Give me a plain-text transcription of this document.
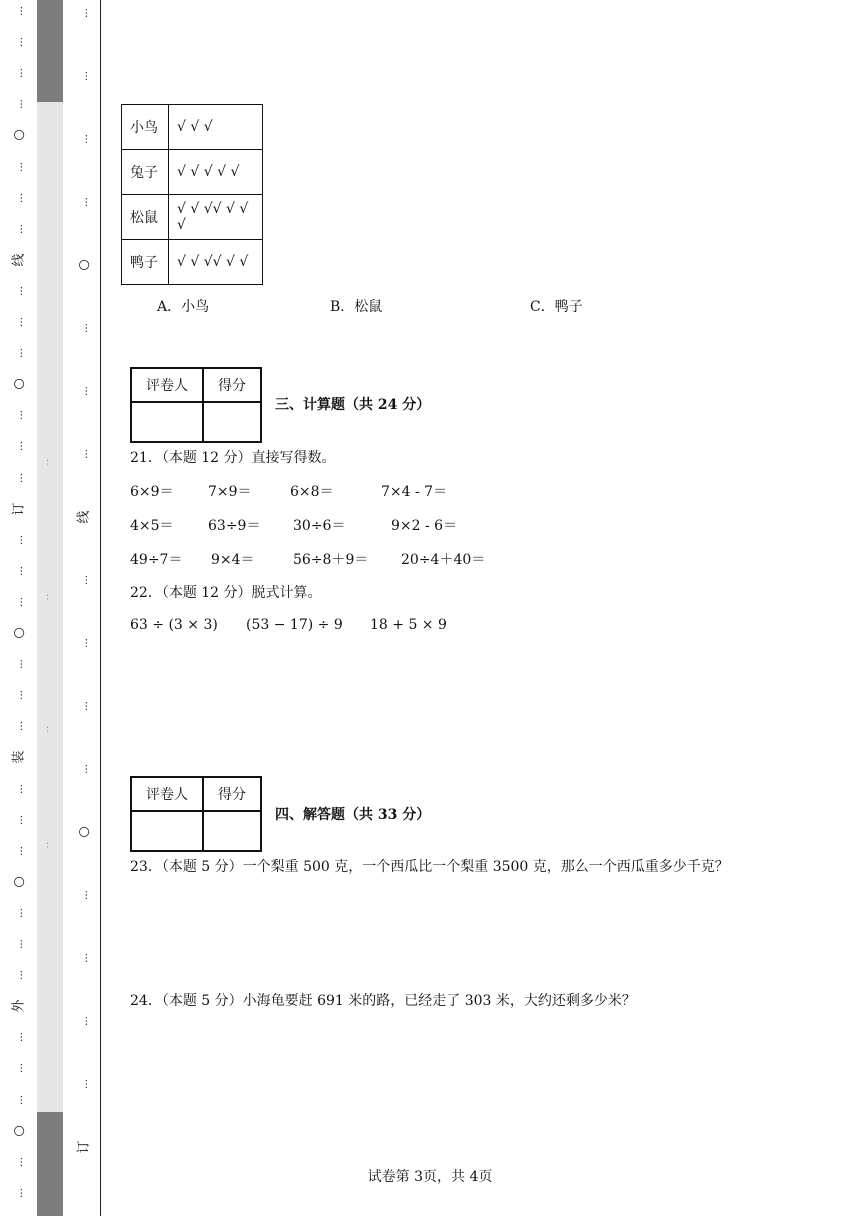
…
…
…
…
○
…
…
…
线
…
…
…
○
…
…
…
订
…
…
…
○
…
…
…
装
…
…
…
○
…
…
…
外
…
…
…
○
…
…
：
：
：
：
…
…
…
…
○
…
…
…
线
…
…
…
…
○
…
…
…
…
订
小鸟	√ √ √
兔子	√ √ √ √ √
松鼠	√ √ √√ √ √ √
鸭子	√ √ √√ √ √
A．小鸟	B．松鼠	C．鸭子
评卷人	得分

三、计算题（共 24 分）
21．（本题 12 分）直接写得数。
6×9＝ 7×9＝	6×8＝	7×4 - 7＝
4×5＝ 63÷9＝ 30÷6＝	9×2 - 6＝
49÷7＝ 9×4＝	56÷8＋9＝ 20÷4＋40＝
22．（本题 12 分）脱式计算。
63 ÷ (3 × 3) (53 − 17) ÷ 9 18 + 5 × 9
评卷人	得分

四、解答题（共 33 分）
23．（本题 5 分）一个梨重 500 克，一个西瓜比一个梨重 3500 克，那么一个西瓜重多少千克？
24．（本题 5 分）小海龟要赶 691 米的路，已经走了 303 米，大约还剩多少米？
试卷第 3页，共 4页
